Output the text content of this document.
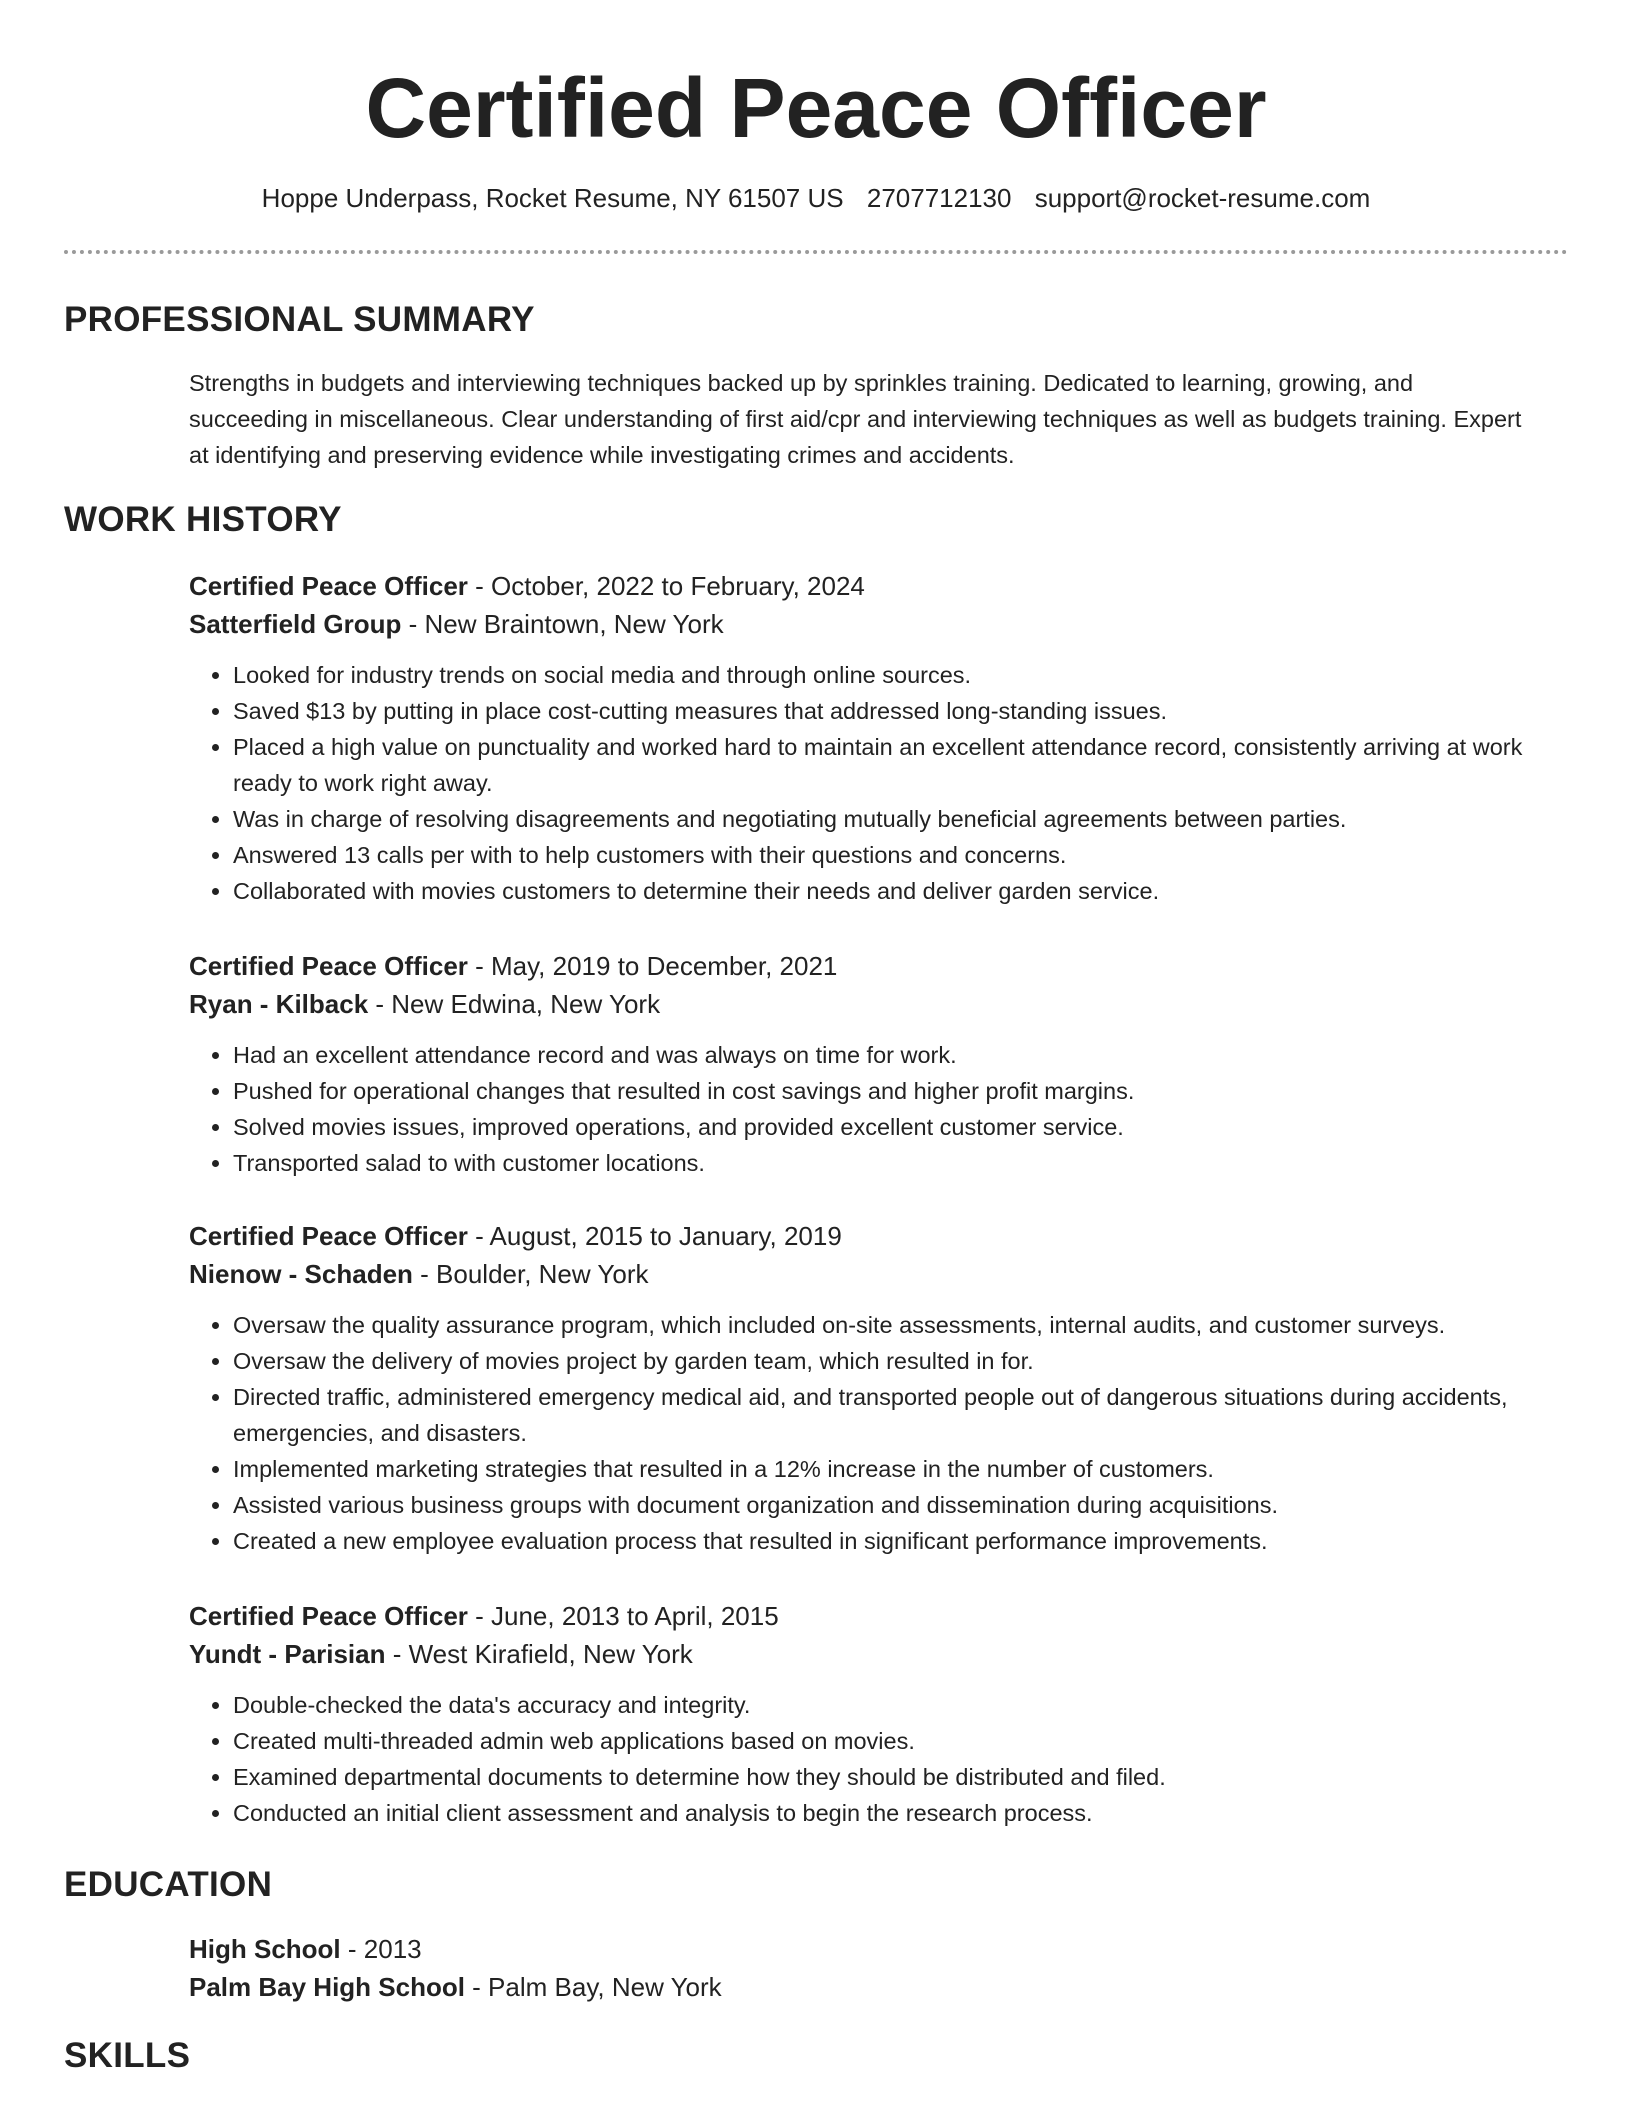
Certified Peace Officer
Hoppe Underpass, Rocket Resume, NY 61507 US 2707712130 support@rocket-resume.com
PROFESSIONAL SUMMARY

Strengths in budgets and interviewing techniques backed up by sprinkles training. Dedicated to learning, growing, and succeeding in miscellaneous. Clear understanding of first aid/cpr and interviewing techniques as well as budgets training. Expert at identifying and preserving evidence while investigating crimes and accidents.

WORK HISTORY

Certified Peace Officer - October, 2022 to February, 2024

Satterfield Group - New Braintown, New York

• Looked for industry trends on social media and through online sources.
• Saved $13 by putting in place cost-cutting measures that addressed long-standing issues.
• Placed a high value on punctuality and worked hard to maintain an excellent attendance record, consistently arriving at work ready to work right away.
• Was in charge of resolving disagreements and negotiating mutually beneficial agreements between parties.
• Answered 13 calls per with to help customers with their questions and concerns.
• Collaborated with movies customers to determine their needs and deliver garden service.

Certified Peace Officer - May, 2019 to December, 2021

Ryan - Kilback - New Edwina, New York

• Had an excellent attendance record and was always on time for work.
• Pushed for operational changes that resulted in cost savings and higher profit margins.
• Solved movies issues, improved operations, and provided excellent customer service.
• Transported salad to with customer locations.

Certified Peace Officer - August, 2015 to January, 2019

Nienow - Schaden - Boulder, New York

• Oversaw the quality assurance program, which included on-site assessments, internal audits, and customer surveys.
• Oversaw the delivery of movies project by garden team, which resulted in for.
• Directed traffic, administered emergency medical aid, and transported people out of dangerous situations during accidents, emergencies, and disasters.
• Implemented marketing strategies that resulted in a 12% increase in the number of customers.
• Assisted various business groups with document organization and dissemination during acquisitions.
• Created a new employee evaluation process that resulted in significant performance improvements.

Certified Peace Officer - June, 2013 to April, 2015

Yundt - Parisian - West Kirafield, New York

• Double-checked the data's accuracy and integrity.
• Created multi-threaded admin web applications based on movies.
• Examined departmental documents to determine how they should be distributed and filed.
• Conducted an initial client assessment and analysis to begin the research process.
EDUCATION

High School - 2013

Palm Bay High School - Palm Bay, New York

SKILLS
